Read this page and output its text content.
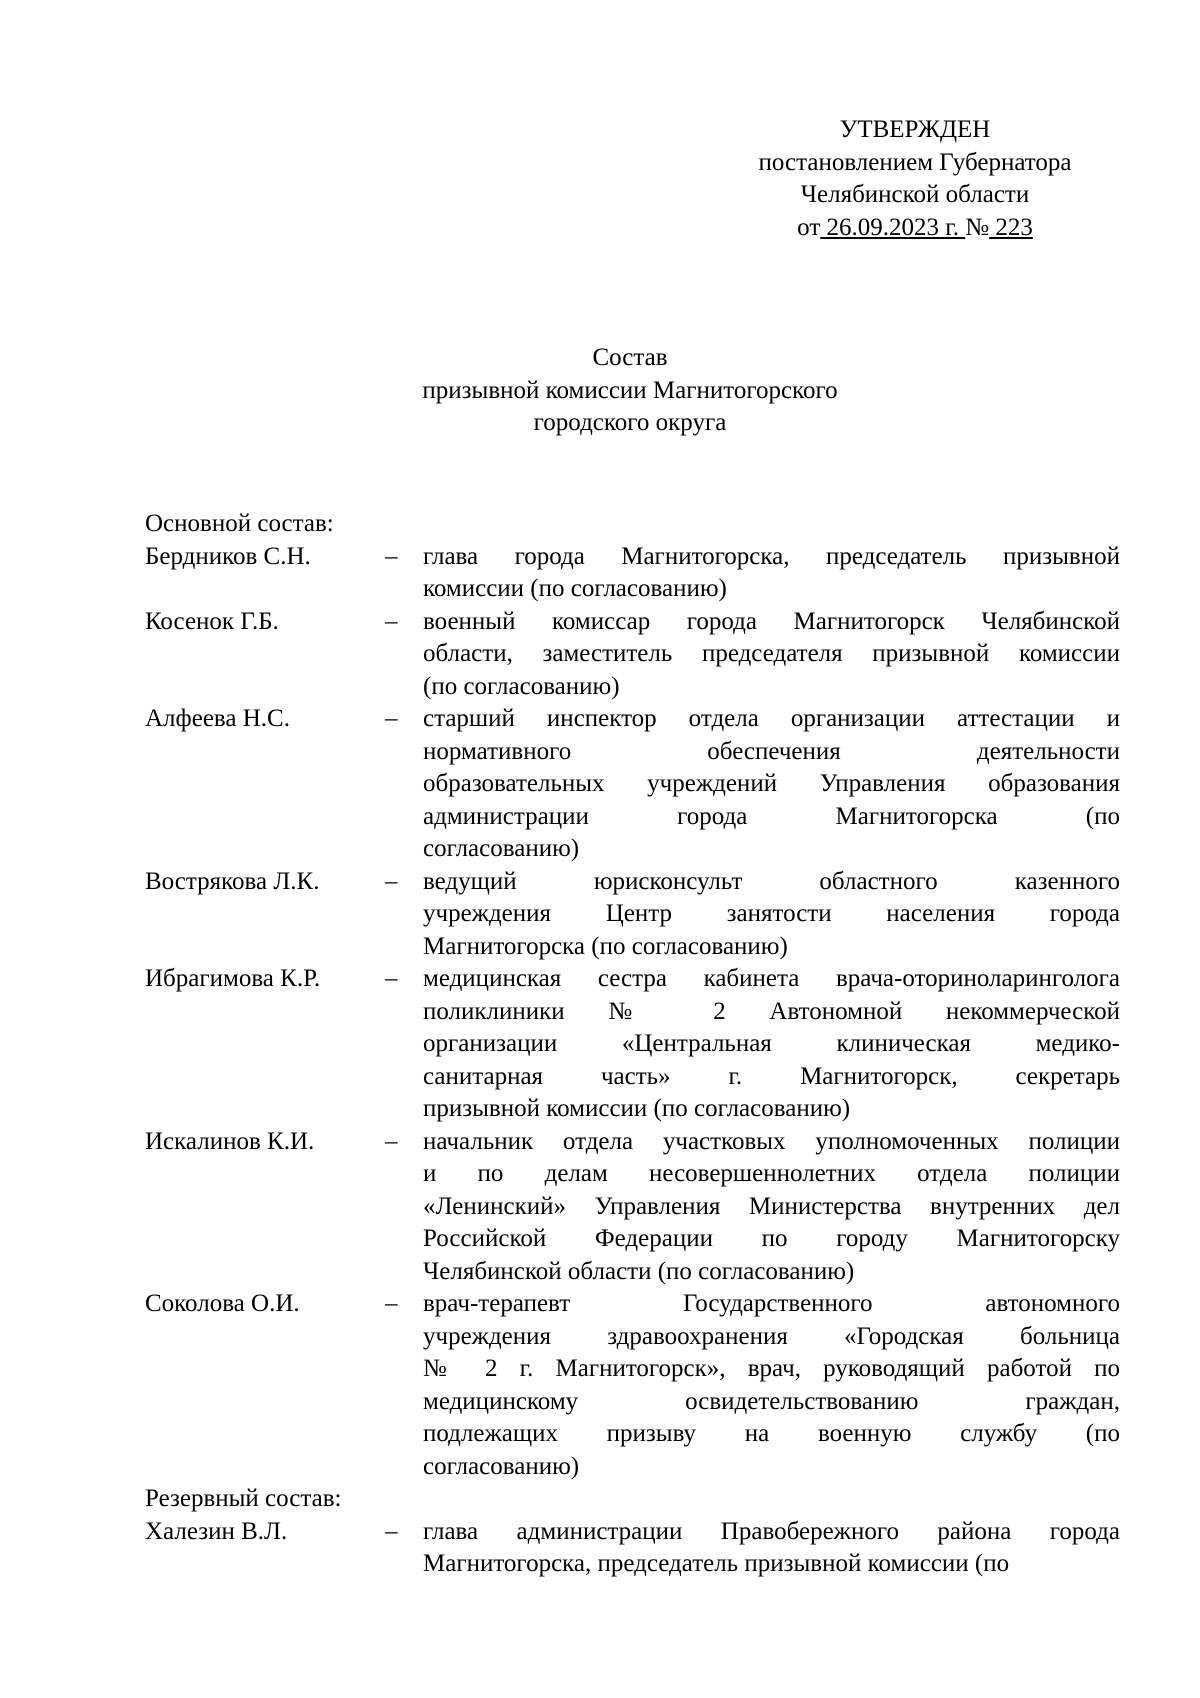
УТВЕРЖДЕН
постановлением Губернатора
Челябинской области
от 26.09.2023 г. № 223
Состав
призывной комиссии Магнитогорского
городского округа
Основной состав:
Бердников С.Н.	–	глава города Магнитогорска, председатель призывной
комиссии (по согласованию)
Косенок Г.Б.	–	военный комиссар города Магнитогорск Челябинской
области, заместитель председателя призывной комиссии
(по согласованию)
Алфеева Н.С.	–	старший инспектор отдела организации аттестации и
нормативного обеспечения деятельности
образовательных учреждений Управления образования
администрации города Магнитогорска (по
согласованию)
Вострякова Л.К.	–	ведущий юрисконсульт областного казенного
учреждения Центр занятости населения города
Магнитогорска (по согласованию)
Ибрагимова К.Р.	–	медицинская сестра кабинета врача-оториноларинголога
поликлиники № 2 Автономной некоммерческой
организации «Центральная клиническая медико-
санитарная часть» г. Магнитогорск, секретарь
призывной комиссии (по согласованию)
Искалинов К.И.	–	начальник отдела участковых уполномоченных полиции
и по делам несовершеннолетних отдела полиции
«Ленинский» Управления Министерства внутренних дел
Российской Федерации по городу Магнитогорску
Челябинской области (по согласованию)
Соколова О.И.	–	врач-терапевт Государственного автономного
учреждения здравоохранения «Городская больница
№ 2 г. Магнитогорск», врач, руководящий работой по
медицинскому освидетельствованию граждан,
подлежащих призыву на военную службу (по
согласованию)
Резервный состав:
Халезин В.Л.	–	глава администрации Правобережного района города
Магнитогорска, председатель призывной комиссии (по
